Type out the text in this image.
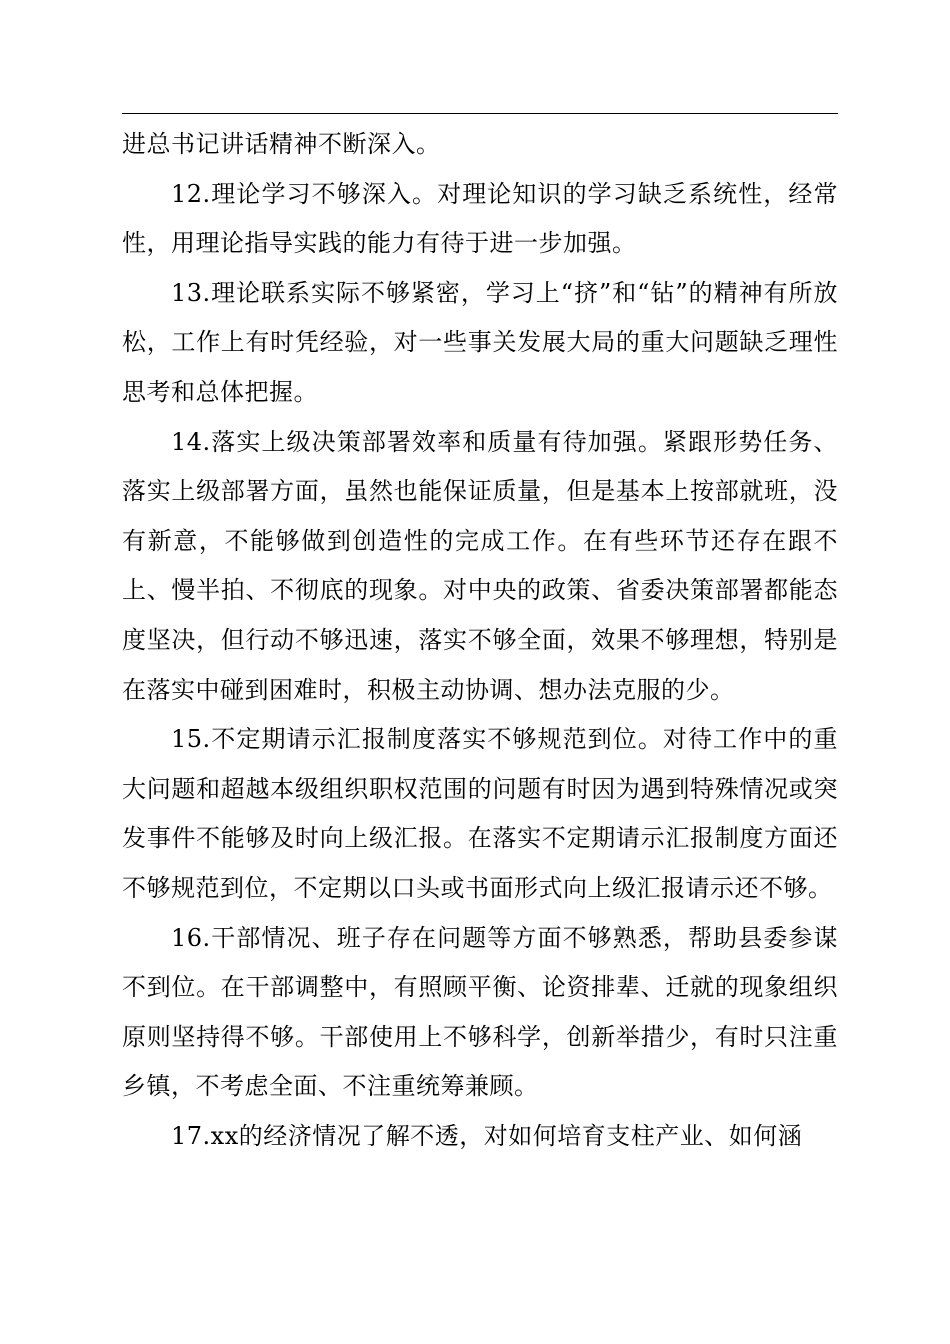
进总书记讲话精神不断深入。

12.理论学习不够深入。对理论知识的学习缺乏系统性，经常性，用理论指导实践的能力有待于进一步加强。

13.理论联系实际不够紧密，学习上“挤”和“钻”的精神有所放松，工作上有时凭经验，对一些事关发展大局的重大问题缺乏理性思考和总体把握。

14.落实上级决策部署效率和质量有待加强。紧跟形势任务、落实上级部署方面，虽然也能保证质量，但是基本上按部就班，没有新意，不能够做到创造性的完成工作。在有些环节还存在跟不上、慢半拍、不彻底的现象。对中央的政策、省委决策部署都能态度坚决，但行动不够迅速，落实不够全面，效果不够理想，特别是在落实中碰到困难时，积极主动协调、想办法克服的少。

15.不定期请示汇报制度落实不够规范到位。对待工作中的重大问题和超越本级组织职权范围的问题有时因为遇到特殊情况或突发事件不能够及时向上级汇报。在落实不定期请示汇报制度方面还不够规范到位，不定期以口头或书面形式向上级汇报请示还不够。

16.干部情况、班子存在问题等方面不够熟悉，帮助县委参谋不到位。在干部调整中，有照顾平衡、论资排辈、迁就的现象组织原则坚持得不够。干部使用上不够科学，创新举措少，有时只注重乡镇，不考虑全面、不注重统筹兼顾。

17.xx的经济情况了解不透，对如何培育支柱产业、如何涵
